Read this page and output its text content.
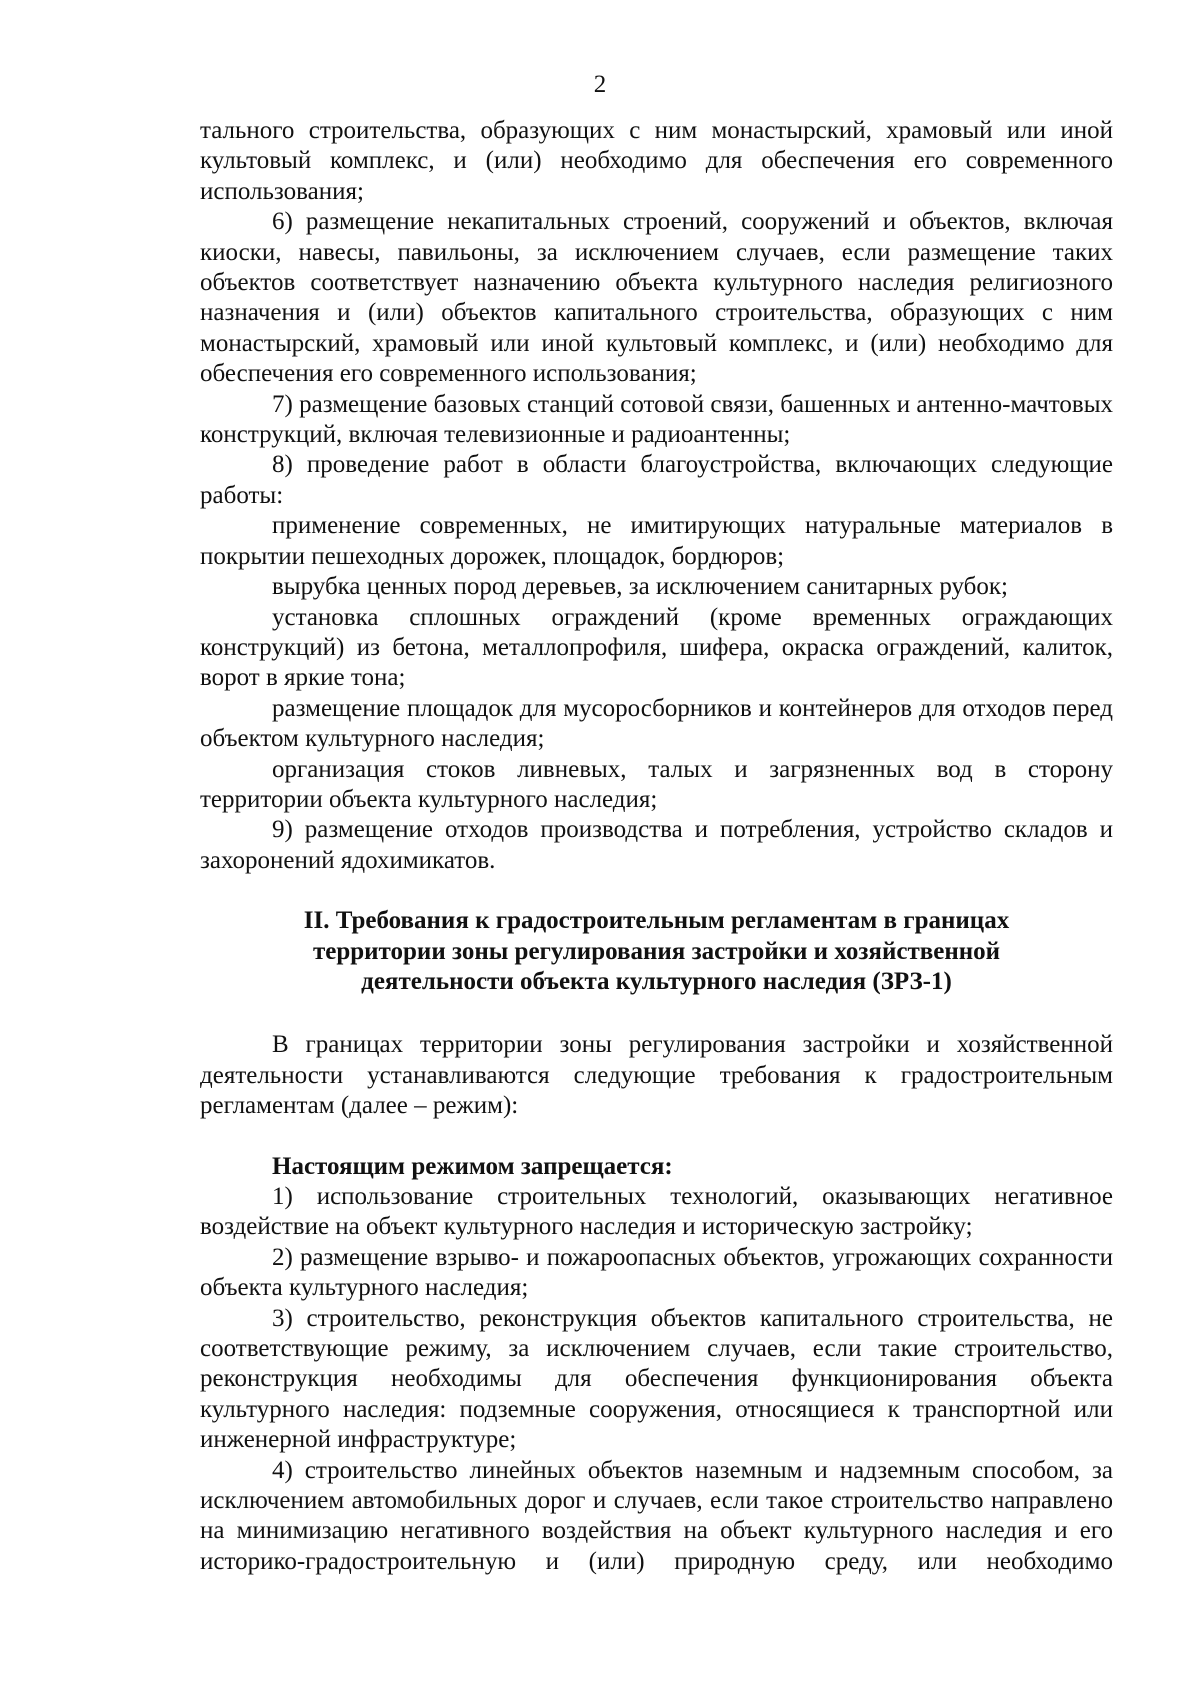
2

тального строительства, образующих с ним монастырский, храмовый или иной культовый комплекс, и (или) необходимо для обеспечения его современного использования;

6) размещение некапитальных строений, сооружений и объектов, включая киоски, навесы, павильоны, за исключением случаев, если размещение таких объектов соответствует назначению объекта культурного наследия религиозного назначения и (или) объектов капитального строительства, образующих с ним монастырский, храмовый или иной культовый комплекс, и (или) необходимо для обеспечения его современного использования;

7) размещение базовых станций сотовой связи, башенных и антенно-мачтовых конструкций, включая телевизионные и радиоантенны;

8) проведение работ в области благоустройства, включающих следующие работы:

применение современных, не имитирующих натуральные материалов в покрытии пешеходных дорожек, площадок, бордюров;

вырубка ценных пород деревьев, за исключением санитарных рубок;

установка сплошных ограждений (кроме временных ограждающих конструкций) из бетона, металлопрофиля, шифера, окраска ограждений, калиток, ворот в яркие тона;

размещение площадок для мусоросборников и контейнеров для отходов перед объектом культурного наследия;

организация стоков ливневых, талых и загрязненных вод в сторону территории объекта культурного наследия;

9) размещение отходов производства и потребления, устройство складов и захоронений ядохимикатов.

II. Требования к градостроительным регламентам в границах территории зоны регулирования застройки и хозяйственной деятельности объекта культурного наследия (ЗРЗ-1)

В границах территории зоны регулирования застройки и хозяйственной деятельности устанавливаются следующие требования к градостроительным регламентам (далее – режим):

Настоящим режимом запрещается:

1) использование строительных технологий, оказывающих негативное воздействие на объект культурного наследия и историческую застройку;

2) размещение взрыво- и пожароопасных объектов, угрожающих сохранности объекта культурного наследия;

3) строительство, реконструкция объектов капитального строительства, не соответствующие режиму, за исключением случаев, если такие строительство, реконструкция необходимы для обеспечения функционирования объекта культурного наследия: подземные сооружения, относящиеся к транспортной или инженерной инфраструктуре;

4) строительство линейных объектов наземным и надземным способом, за исключением автомобильных дорог и случаев, если такое строительство направлено на минимизацию негативного воздействия на объект культурного наследия и его историко-градостроительную и (или) природную среду, или необходимо
